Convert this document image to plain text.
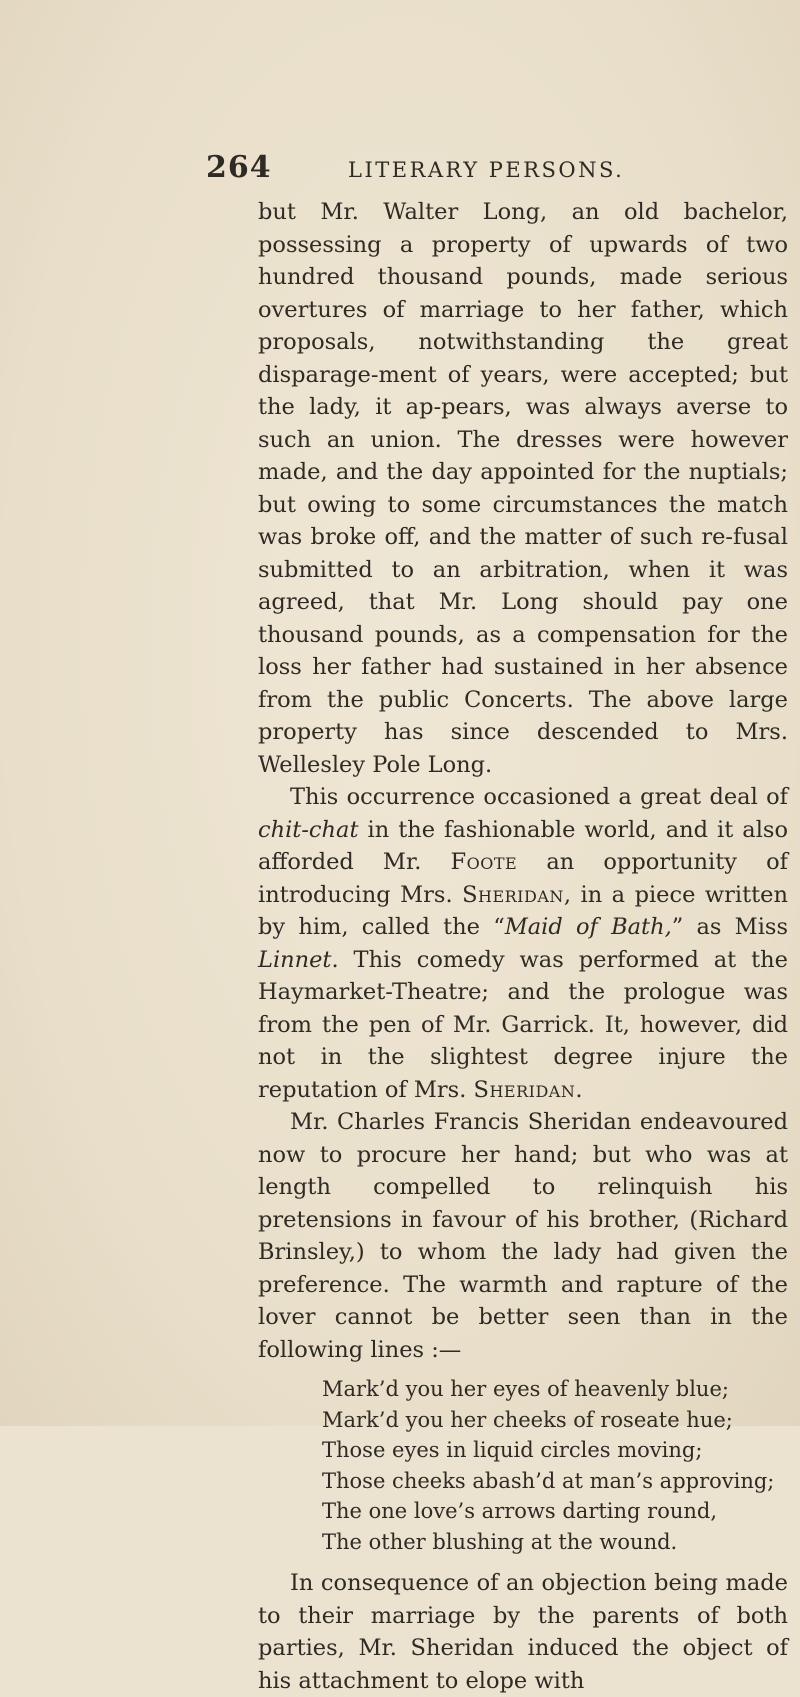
264	LITERARY PERSONS.

but Mr. Walter Long, an old bachelor, possessing a property of upwards of two hundred thousand pounds, made serious overtures of marriage to her father, which proposals, notwithstanding the great disparage-ment of years, were accepted; but the lady, it ap-pears, was always averse to such an union. The dresses were however made, and the day appointed for the nuptials; but owing to some circumstances the match was broke off, and the matter of such re-fusal submitted to an arbitration, when it was agreed, that Mr. Long should pay one thousand pounds, as a compensation for the loss her father had sustained in her absence from the public Concerts. The above large property has since descended to Mrs. Wellesley Pole Long.

This occurrence occasioned a great deal of chit-chat in the fashionable world, and it also afforded Mr. Foote an opportunity of introducing Mrs. Sheridan, in a piece written by him, called the “Maid of Bath,” as Miss Linnet. This comedy was performed at the Haymarket-Theatre; and the prologue was from the pen of Mr. Garrick. It, however, did not in the slightest degree injure the reputation of Mrs. Sheridan.

Mr. Charles Francis Sheridan endeavoured now to procure her hand; but who was at length compelled to relinquish his pretensions in favour of his brother, (Richard Brinsley,) to whom the lady had given the preference. The warmth and rapture of the lover cannot be better seen than in the following lines :—

Mark’d you her eyes of heavenly blue;
Mark’d you her cheeks of roseate hue;
Those eyes in liquid circles moving;
Those cheeks abash’d at man’s approving;
The one love’s arrows darting round,
The other blushing at the wound.

In consequence of an objection being made to their marriage by the parents of both parties, Mr. Sheridan induced the object of his attachment to elope with
